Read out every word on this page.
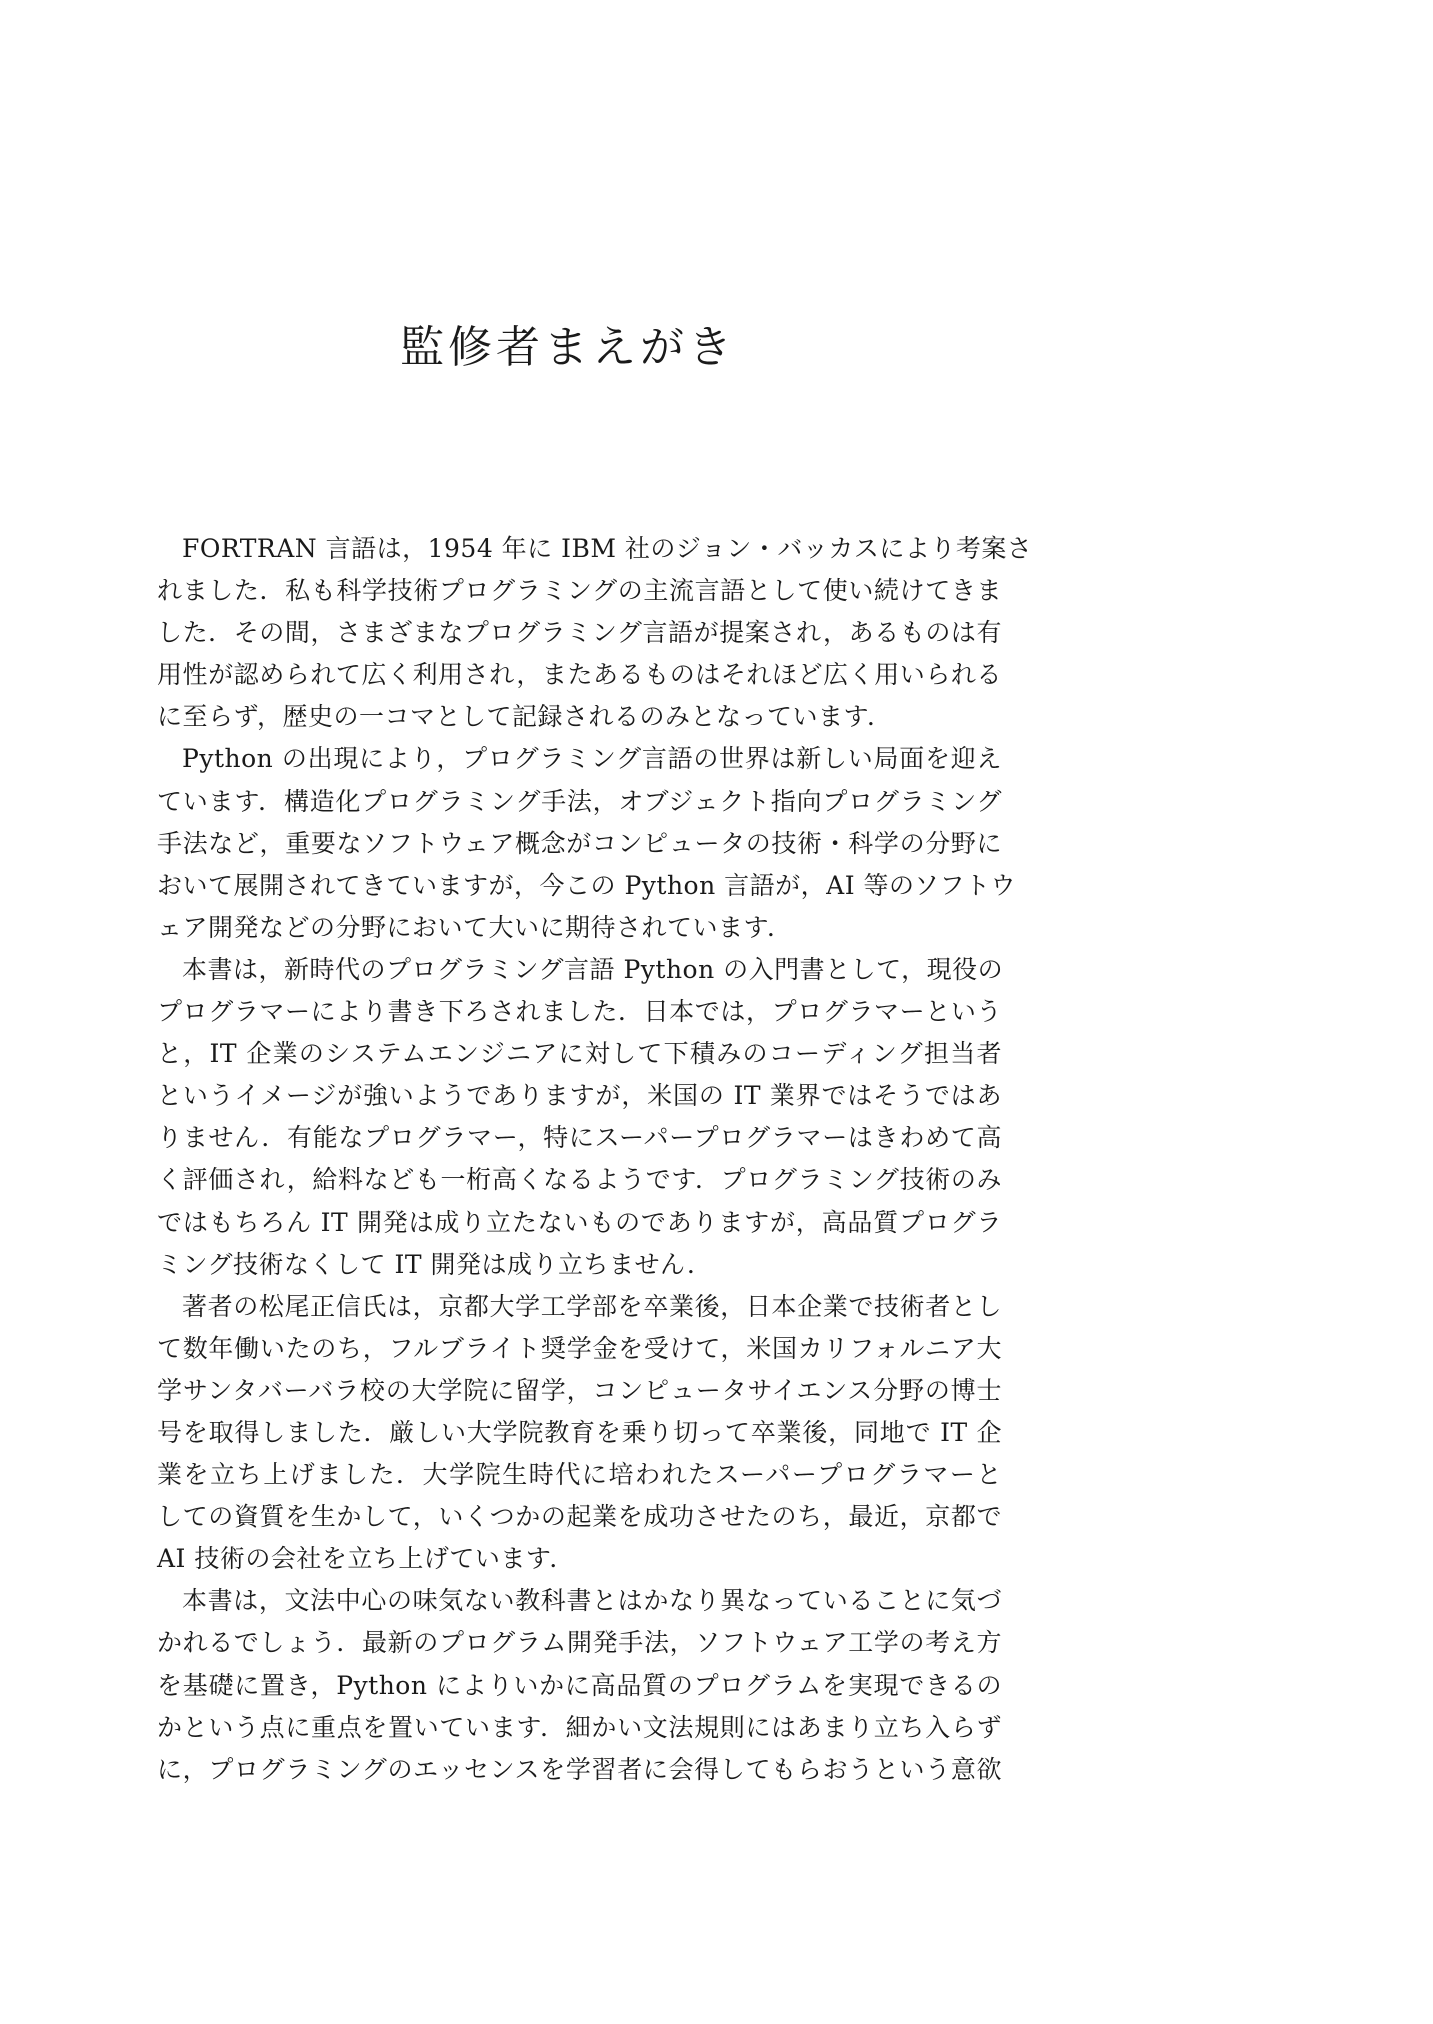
監修者まえがき

FORTRAN 言語は，1954 年に IBM 社のジョン・バッカスにより考案さ
れました．私も科学技術プログラミングの主流言語として使い続けてきま
した．その間，さまざまなプログラミング言語が提案され，あるものは有
用性が認められて広く利用され，またあるものはそれほど広く用いられる
に至らず，歴史の一コマとして記録されるのみとなっています．

Python の出現により，プログラミング言語の世界は新しい局面を迎え
ています．構造化プログラミング手法，オブジェクト指向プログラミング
手法など，重要なソフトウェア概念がコンピュータの技術・科学の分野に
おいて展開されてきていますが，今この Python 言語が，AI 等のソフトウ
ェア開発などの分野において大いに期待されています．

本書は，新時代のプログラミング言語 Python の入門書として，現役の
プログラマーにより書き下ろされました．日本では，プログラマーという
と，IT 企業のシステムエンジニアに対して下積みのコーディング担当者
というイメージが強いようでありますが，米国の IT 業界ではそうではあ
りません．有能なプログラマー，特にスーパープログラマーはきわめて高
く評価され，給料なども一桁高くなるようです．プログラミング技術のみ
ではもちろん IT 開発は成り立たないものでありますが，高品質プログラ
ミング技術なくして IT 開発は成り立ちません．

著者の松尾正信氏は，京都大学工学部を卒業後，日本企業で技術者とし
て数年働いたのち，フルブライト奨学金を受けて，米国カリフォルニア大
学サンタバーバラ校の大学院に留学，コンピュータサイエンス分野の博士
号を取得しました．厳しい大学院教育を乗り切って卒業後，同地で IT 企
業を立ち上げました．大学院生時代に培われたスーパープログラマーと
しての資質を生かして，いくつかの起業を成功させたのち，最近，京都で
AI 技術の会社を立ち上げています．

本書は，文法中心の味気ない教科書とはかなり異なっていることに気づ
かれるでしょう．最新のプログラム開発手法，ソフトウェア工学の考え方
を基礎に置き，Python によりいかに高品質のプログラムを実現できるの
かという点に重点を置いています．細かい文法規則にはあまり立ち入らず
に，プログラミングのエッセンスを学習者に会得してもらおうという意欲
